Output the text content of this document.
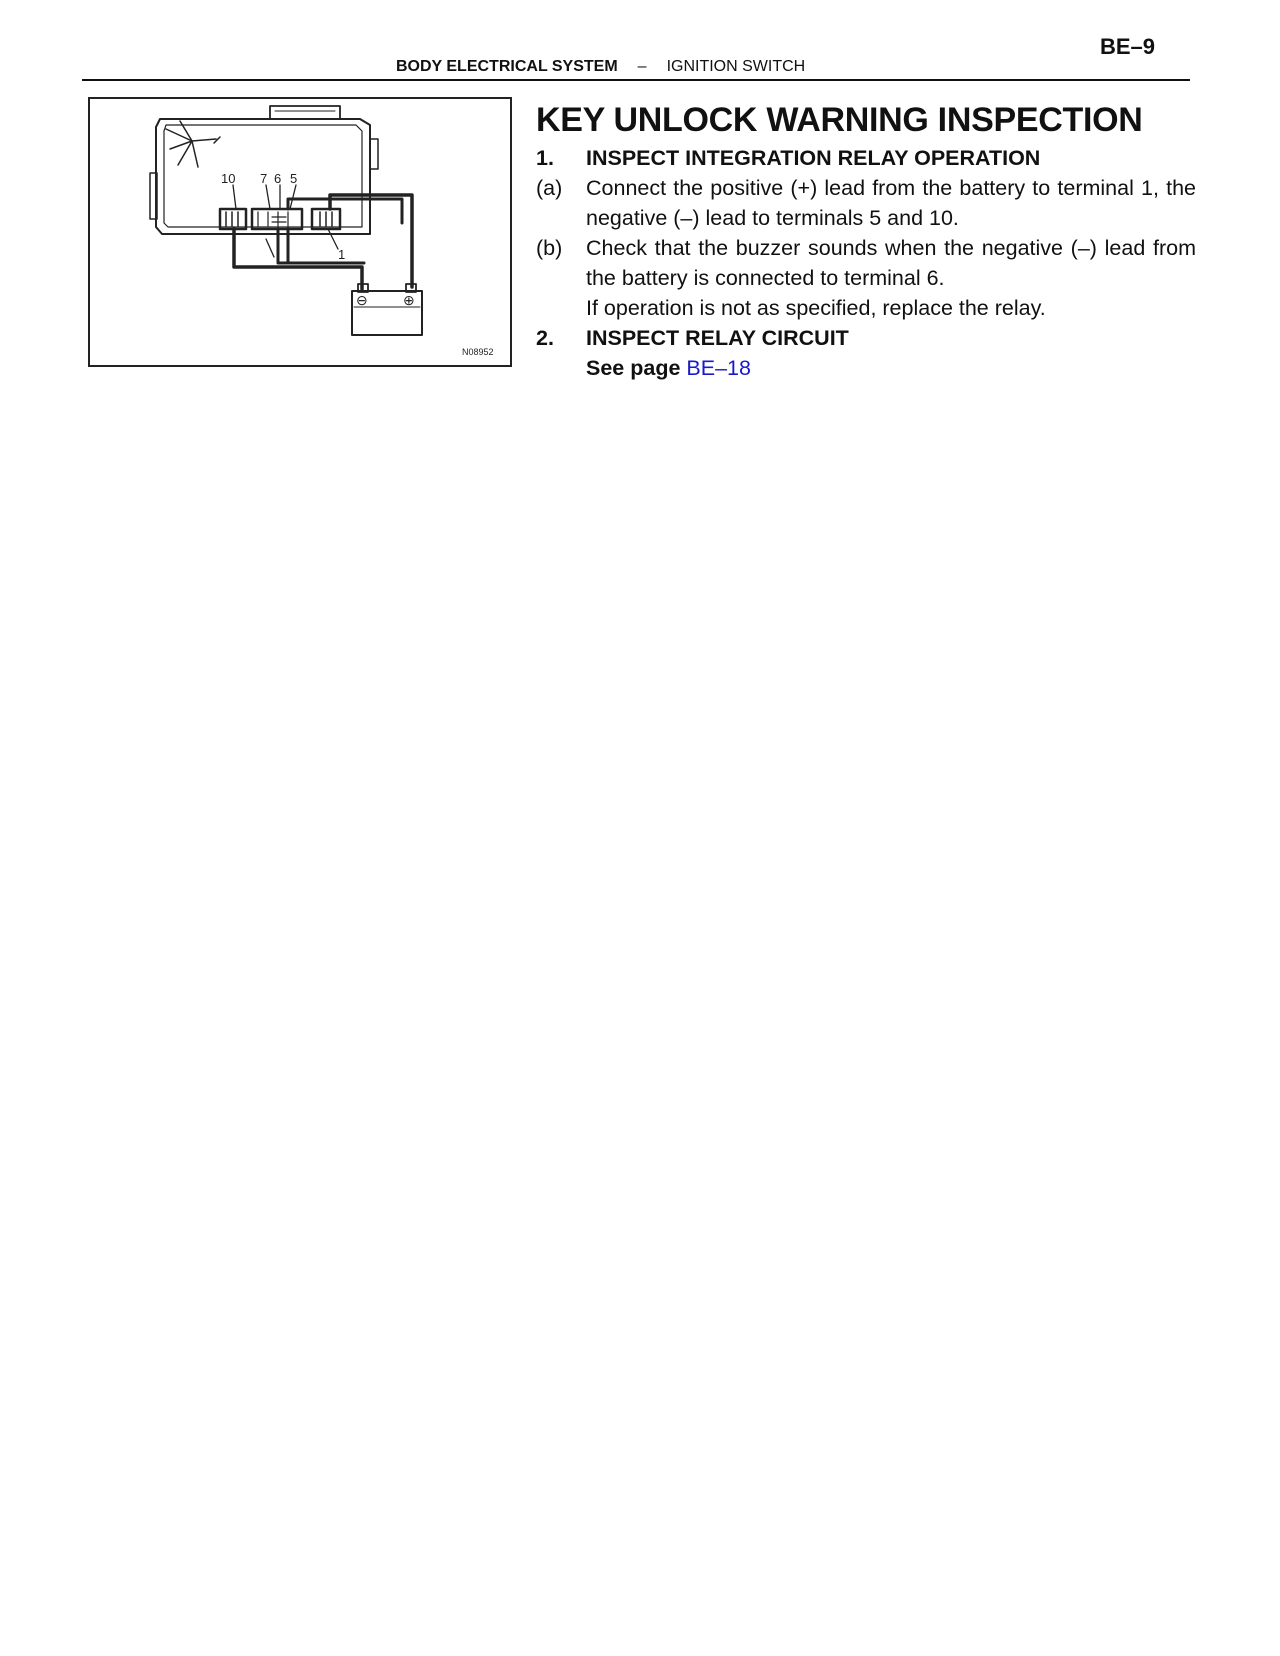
BE–9
BODY ELECTRICAL SYSTEM – IGNITION SWITCH
10 7 6 5
1
⊖	⊕
N08952
KEY UNLOCK WARNING INSPECTION
1. INSPECT INTEGRATION RELAY OPERATION
(a) Connect the positive (+) lead from the battery to terminal 1, the negative (–) lead to terminals 5 and 10.
(b) Check that the buzzer sounds when the negative (–) lead from the battery is connected to terminal 6.
If operation is not as specified, replace the relay.
2. INSPECT RELAY CIRCUIT
See page BE–18
